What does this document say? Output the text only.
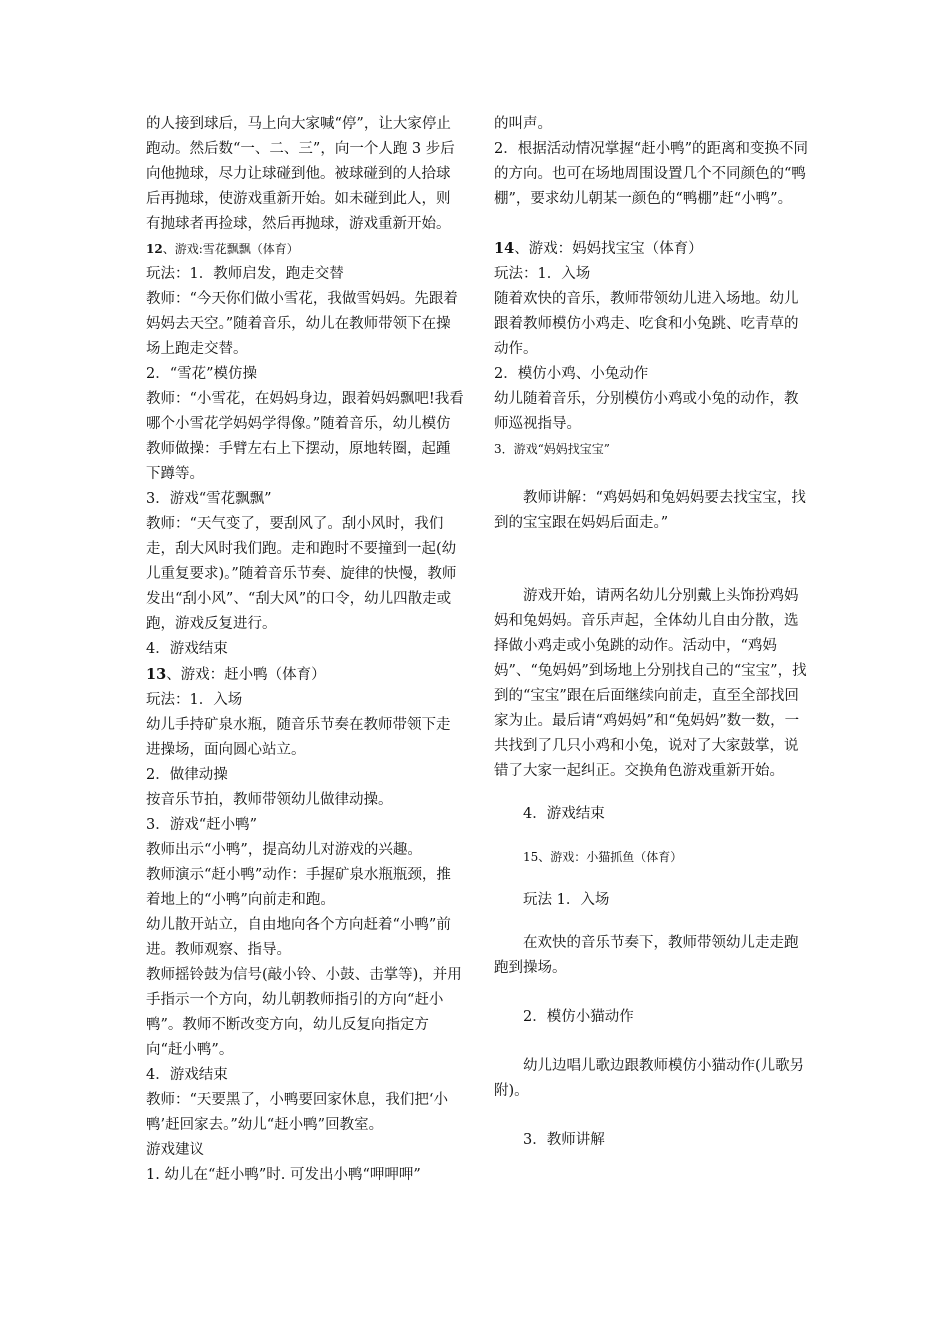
的人接到球后，马上向大家喊“停”，让大家停止跑动。然后数“一、二、三”，向一个人跑 3 步后向他抛球，尽力让球碰到他。被球碰到的人拾球后再抛球，使游戏重新开始。如未碰到此人，则有抛球者再捡球，然后再抛球，游戏重新开始。

12、游戏:雪花飘飘（体育）

玩法：1．教师启发，跑走交替

教师：“今天你们做小雪花，我做雪妈妈。先跟着妈妈去天空。”随着音乐，幼儿在教师带领下在操场上跑走交替。

2．“雪花”模仿操

教师：“小雪花，在妈妈身边，跟着妈妈飘吧!我看哪个小雪花学妈妈学得像。”随着音乐，幼儿模仿教师做操：手臂左右上下摆动，原地转圈，起踵下蹲等。

3．游戏“雪花飘飘”

教师：“天气变了，要刮风了。刮小风时，我们走，刮大风时我们跑。走和跑时不要撞到一起(幼儿重复要求)。”随着音乐节奏、旋律的快慢，教师发出“刮小风”、“刮大风”的口令，幼儿四散走或跑，游戏反复进行。

4．游戏结束

13、游戏：赶小鸭（体育）

玩法：1．入场

幼儿手持矿泉水瓶，随音乐节奏在教师带领下走进操场，面向圆心站立。

2．做律动操

按音乐节拍，教师带领幼儿做律动操。

3．游戏“赶小鸭”

教师出示“小鸭”，提高幼儿对游戏的兴趣。

教师演示“赶小鸭”动作：手握矿泉水瓶瓶颈，推着地上的“小鸭”向前走和跑。

幼儿散开站立，自由地向各个方向赶着“小鸭”前进。教师观察、指导。

教师摇铃鼓为信号(敲小铃、小鼓、击掌等)，并用手指示一个方向，幼儿朝教师指引的方向“赶小鸭”。教师不断改变方向，幼儿反复向指定方向“赶小鸭”。

4．游戏结束

教师：“天要黑了，小鸭要回家休息，我们把‘小鸭’赶回家去。”幼儿“赶小鸭”回教室。

游戏建议

1. 幼儿在“赶小鸭”时. 可发出小鸭“呷呷呷”

的叫声。

2．根据活动情况掌握“赶小鸭”的距离和变换不同的方向。也可在场地周围设置几个不同颜色的“鸭棚”，要求幼儿朝某一颜色的“鸭棚”赶“小鸭”。

14、游戏：妈妈找宝宝（体育）

玩法：1．入场

随着欢快的音乐，教师带领幼儿进入场地。幼儿跟着教师模仿小鸡走、吃食和小兔跳、吃青草的动作。

2．模仿小鸡、小兔动作

幼儿随着音乐，分别模仿小鸡或小兔的动作，教师巡视指导。

3．游戏“妈妈找宝宝”

教师讲解：“鸡妈妈和兔妈妈要去找宝宝，找到的宝宝跟在妈妈后面走。”

游戏开始，请两名幼儿分别戴上头饰扮鸡妈妈和兔妈妈。音乐声起，全体幼儿自由分散，选择做小鸡走或小兔跳的动作。活动中，“鸡妈妈”、“兔妈妈”到场地上分别找自己的“宝宝”，找到的“宝宝”跟在后面继续向前走，直至全部找回家为止。最后请“鸡妈妈”和“兔妈妈”数一数，一共找到了几只小鸡和小兔，说对了大家鼓掌，说错了大家一起纠正。交换角色游戏重新开始。

4．游戏结束

15、游戏：小猫抓鱼（体育）

玩法 1．入场

在欢快的音乐节奏下，教师带领幼儿走走跑跑到操场。

2．模仿小猫动作

幼儿边唱儿歌边跟教师模仿小猫动作(儿歌另附)。

3．教师讲解
